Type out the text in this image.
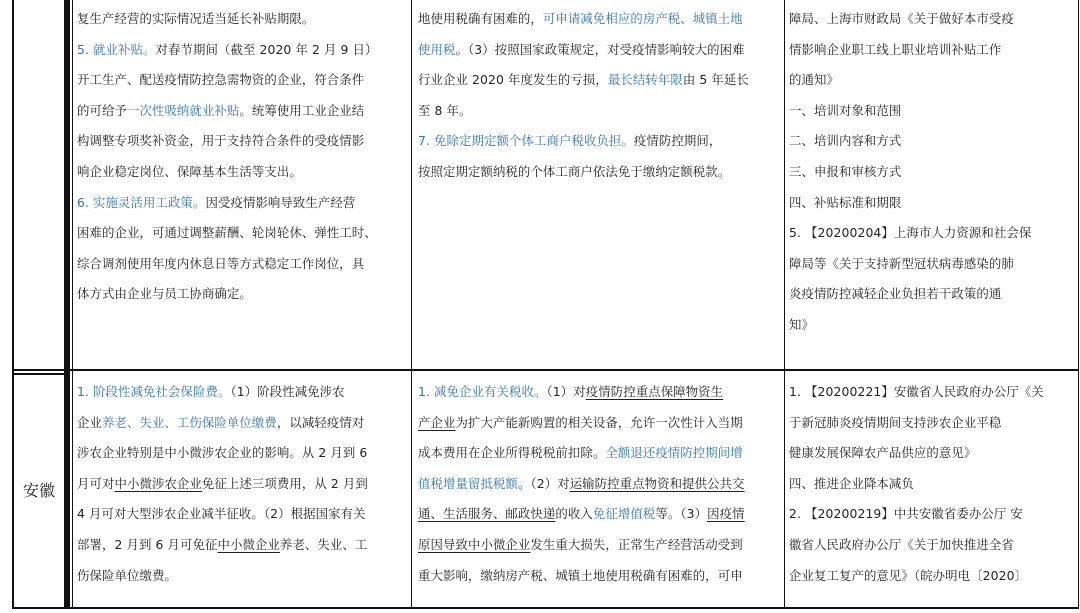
复生产经营的实际情况适当延长补贴期限。
5. 就业补贴。对春节期间（截至 2020 年 2 月 9 日）
开工生产、配送疫情防控急需物资的企业，符合条件
的可给予一次性吸纳就业补贴。统筹使用工业企业结
构调整专项奖补资金，用于支持符合条件的受疫情影
响企业稳定岗位、保障基本生活等支出。
6. 实施灵活用工政策。因受疫情影响导致生产经营
困难的企业，可通过调整薪酬、轮岗轮休、弹性工时、
综合调剂使用年度内休息日等方式稳定工作岗位，具
体方式由企业与员工协商确定。
地使用税确有困难的，可申请减免相应的房产税、城镇土地
使用税。（3）按照国家政策规定，对受疫情影响较大的困难
行业企业 2020 年度发生的亏损，最长结转年限由 5 年延长
至 8 年。
7. 免除定期定额个体工商户税收负担。疫情防控期间，
按照定期定额纳税的个体工商户依法免于缴纳定额税款。
障局、上海市财政局《关于做好本市受疫
情影响企业职工线上职业培训补贴工作
的通知》
一、培训对象和范围
二、培训内容和方式
三、申报和审核方式
四、补贴标准和期限
5. 【20200204】上海市人力资源和社会保
障局等《关于支持新型冠状病毒感染的肺
炎疫情防控减轻企业负担若干政策的通
知》
安徽
1. 阶段性减免社会保险费。（1）阶段性减免涉农
企业养老、失业、工伤保险单位缴费，以减轻疫情对
涉农企业特别是中小微涉农企业的影响。从 2 月到 6
月可对中小微涉农企业免征上述三项费用，从 2 月到
4 月可对大型涉农企业减半征收。（2）根据国家有关
部署，2 月到 6 月可免征中小微企业养老、失业、工
伤保险单位缴费。
1. 减免企业有关税收。（1）对疫情防控重点保障物资生
产企业为扩大产能新购置的相关设备，允许一次性计入当期
成本费用在企业所得税税前扣除。全额退还疫情防控期间增
值税增量留抵税额。（2）对运输防控重点物资和提供公共交
通、生活服务、邮政快递的收入免征增值税等。（3）因疫情
原因导致中小微企业发生重大损失，正常生产经营活动受到
重大影响，缴纳房产税、城镇土地使用税确有困难的，可申
1. 【20200221】安徽省人民政府办公厅《关
于新冠肺炎疫情期间支持涉农企业平稳
健康发展保障农产品供应的意见》
四、推进企业降本减负
2. 【20200219】中共安徽省委办公厅 安
徽省人民政府办公厅《关于加快推进全省
企业复工复产的意见》（皖办明电〔2020〕
